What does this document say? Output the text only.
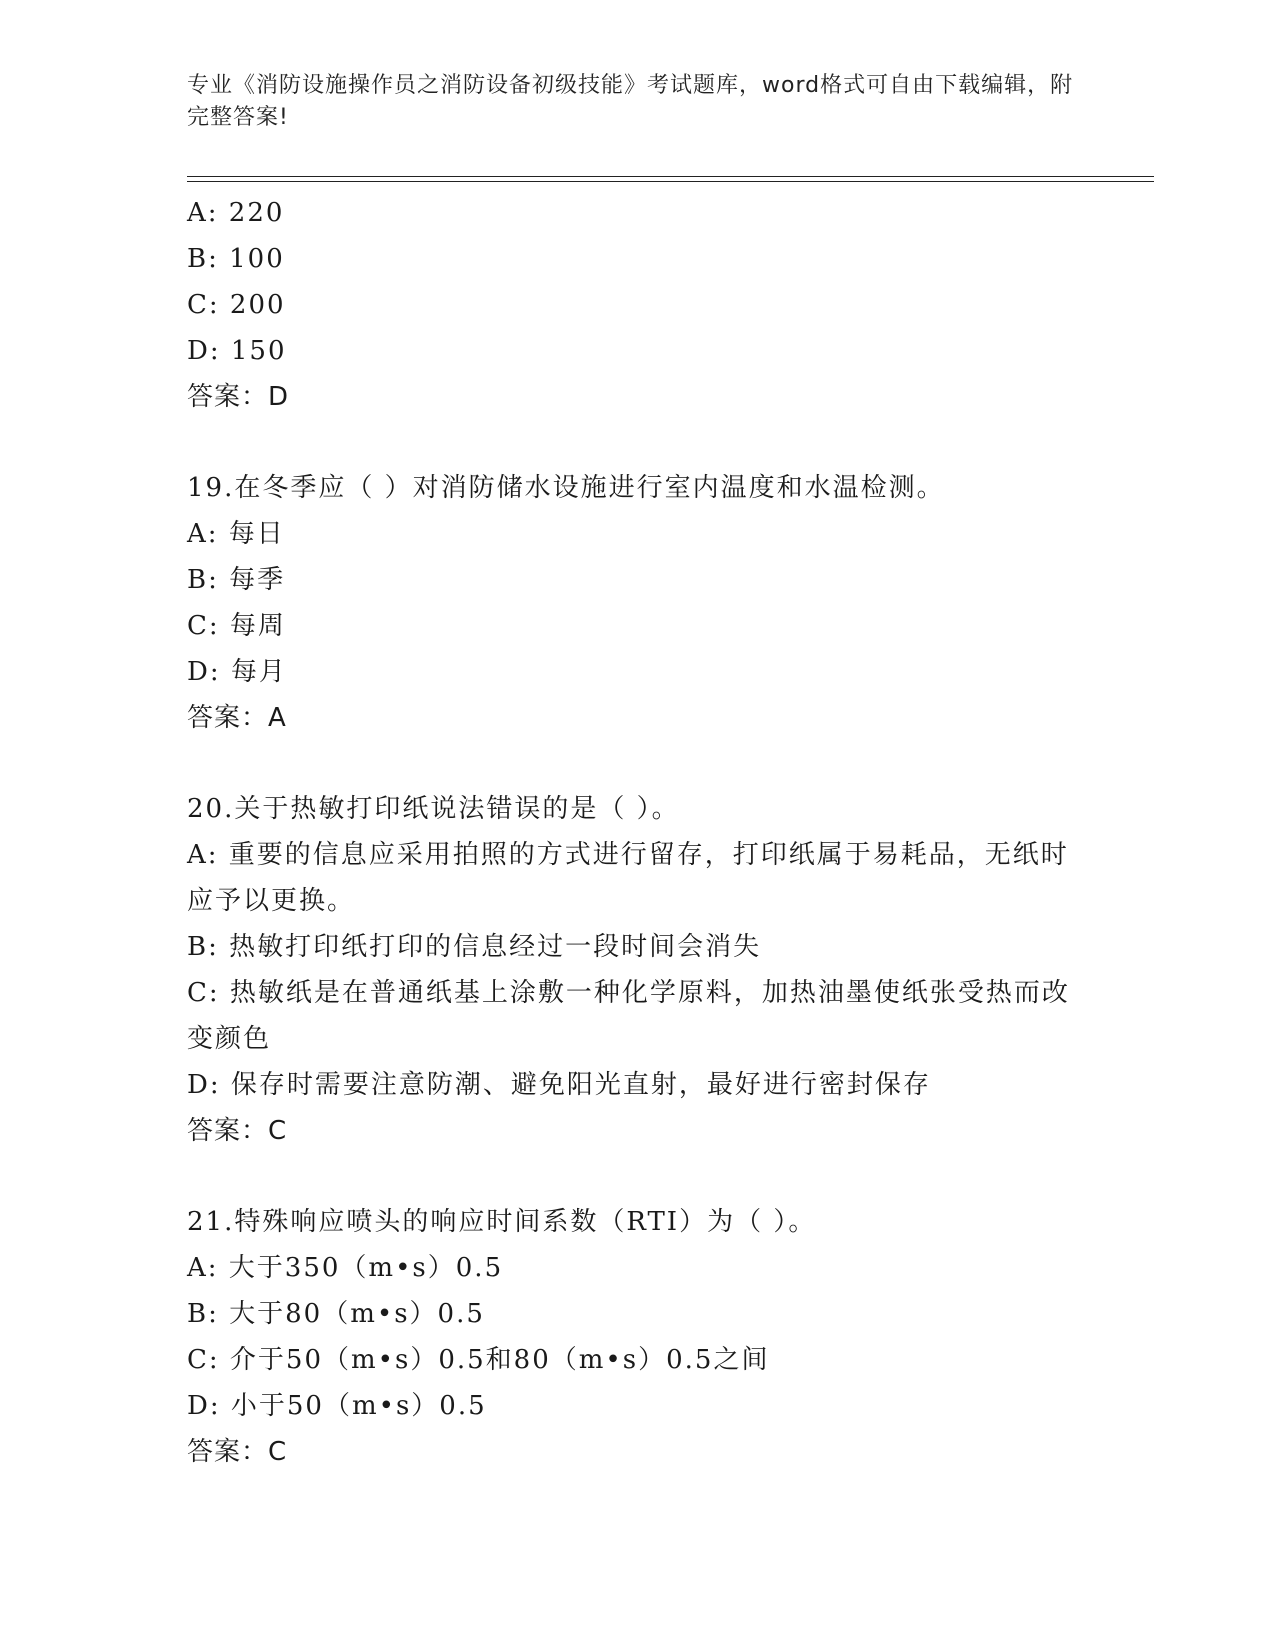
专业《消防设施操作员之消防设备初级技能》考试题库，word格式可自由下载编辑，附完整答案!
A: 220
B: 100
C: 200
D: 150
答案：D
19.在冬季应（ ）对消防储水设施进行室内温度和水温检测。
A: 每日
B: 每季
C: 每周
D: 每月
答案：A
20.关于热敏打印纸说法错误的是（ ）。
A: 重要的信息应采用拍照的方式进行留存，打印纸属于易耗品，无纸时应予以更换。
B: 热敏打印纸打印的信息经过一段时间会消失
C: 热敏纸是在普通纸基上涂敷一种化学原料，加热油墨使纸张受热而改变颜色
D: 保存时需要注意防潮、避免阳光直射，最好进行密封保存
答案：C
21.特殊响应喷头的响应时间系数（RTI）为（ ）。
A: 大于350（m•s）0.5
B: 大于80（m•s）0.5
C: 介于50（m•s）0.5和80（m•s）0.5之间
D: 小于50（m•s）0.5
答案：C
